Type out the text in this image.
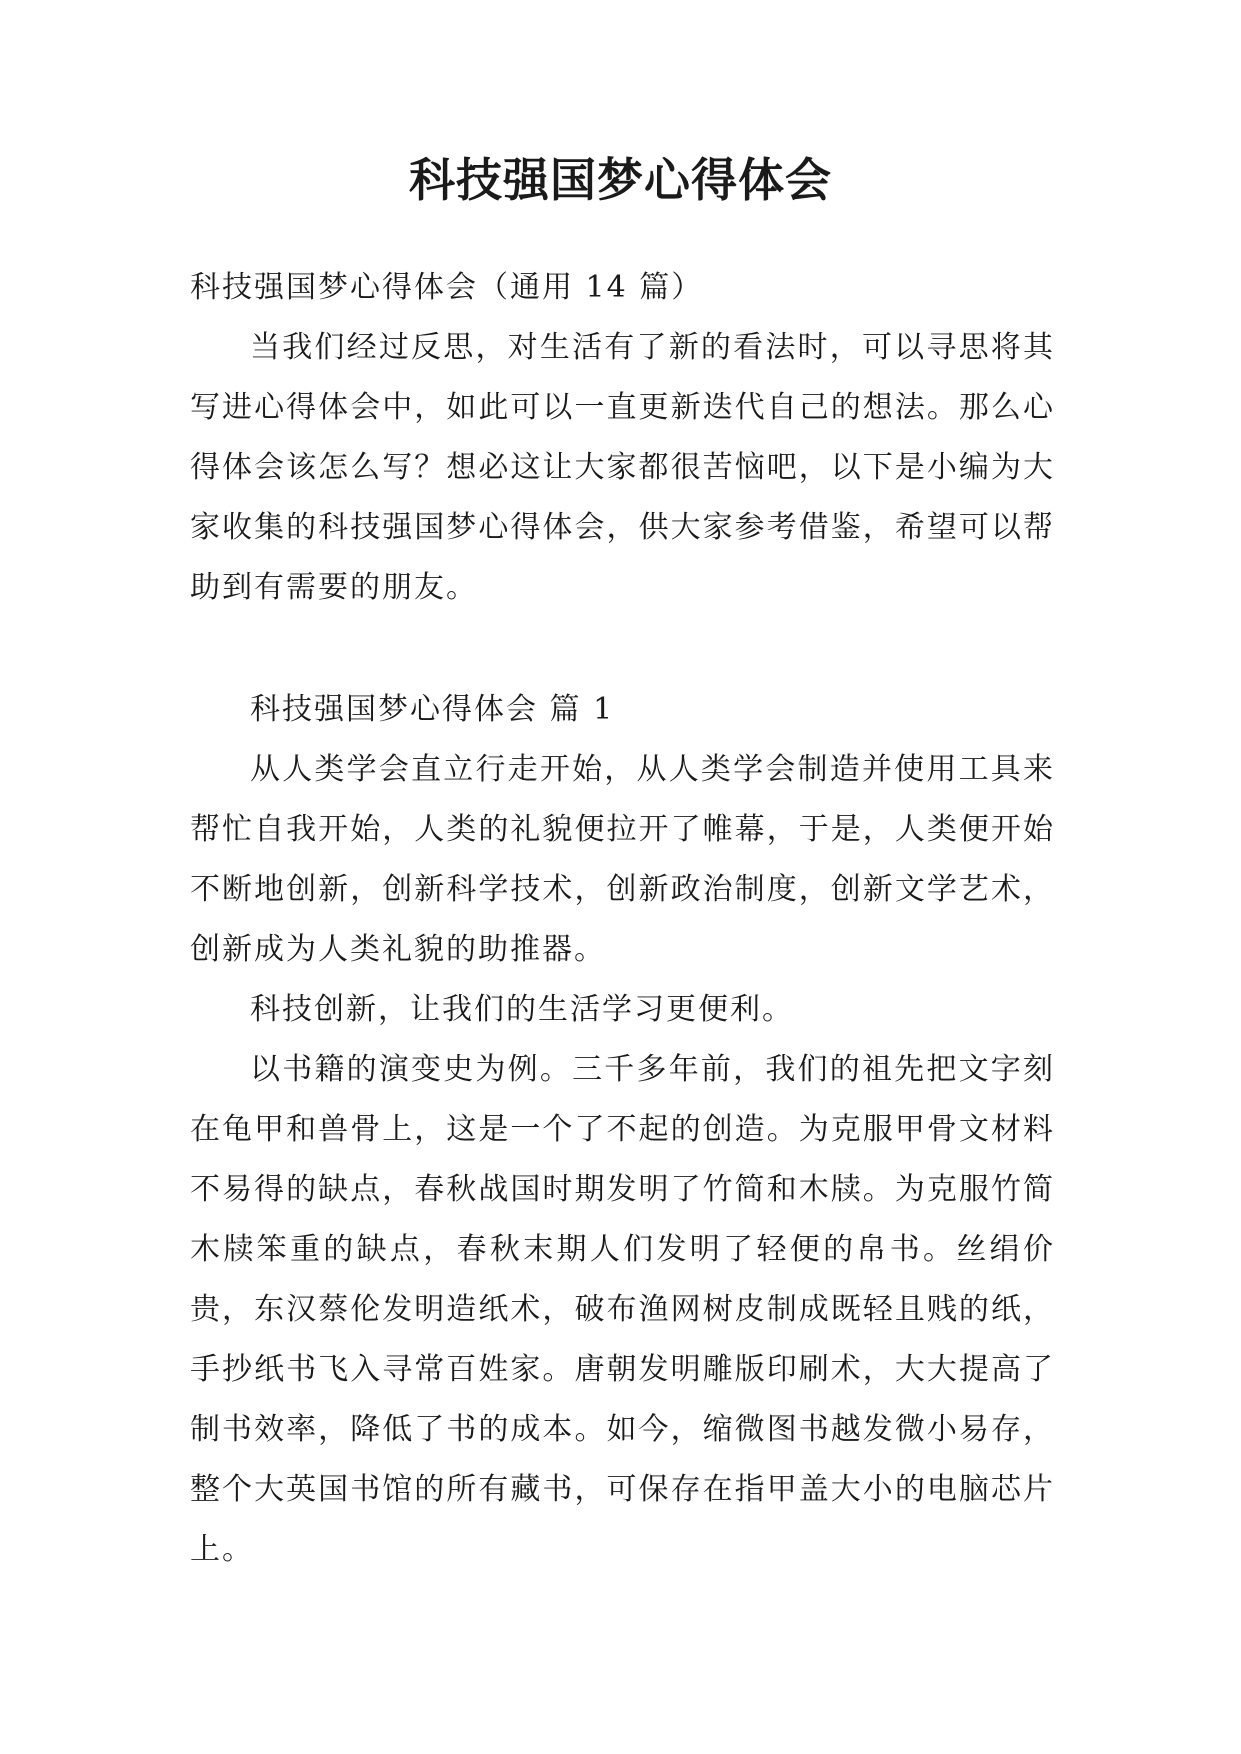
科技强国梦心得体会

科技强国梦心得体会（通用 14 篇）

当我们经过反思，对生活有了新的看法时，可以寻思将其写进心得体会中，如此可以一直更新迭代自己的想法。那么心得体会该怎么写？想必这让大家都很苦恼吧，以下是小编为大家收集的科技强国梦心得体会，供大家参考借鉴，希望可以帮助到有需要的朋友。

科技强国梦心得体会 篇 1

从人类学会直立行走开始，从人类学会制造并使用工具来帮忙自我开始，人类的礼貌便拉开了帷幕，于是，人类便开始不断地创新，创新科学技术，创新政治制度，创新文学艺术，创新成为人类礼貌的助推器。

科技创新，让我们的生活学习更便利。

以书籍的演变史为例。三千多年前，我们的祖先把文字刻在龟甲和兽骨上，这是一个了不起的创造。为克服甲骨文材料不易得的缺点，春秋战国时期发明了竹简和木牍。为克服竹简木牍笨重的缺点，春秋末期人们发明了轻便的帛书。丝绢价贵，东汉蔡伦发明造纸术，破布渔网树皮制成既轻且贱的纸，手抄纸书飞入寻常百姓家。唐朝发明雕版印刷术，大大提高了制书效率，降低了书的成本。如今，缩微图书越发微小易存，整个大英国书馆的所有藏书，可保存在指甲盖大小的电脑芯片上。
